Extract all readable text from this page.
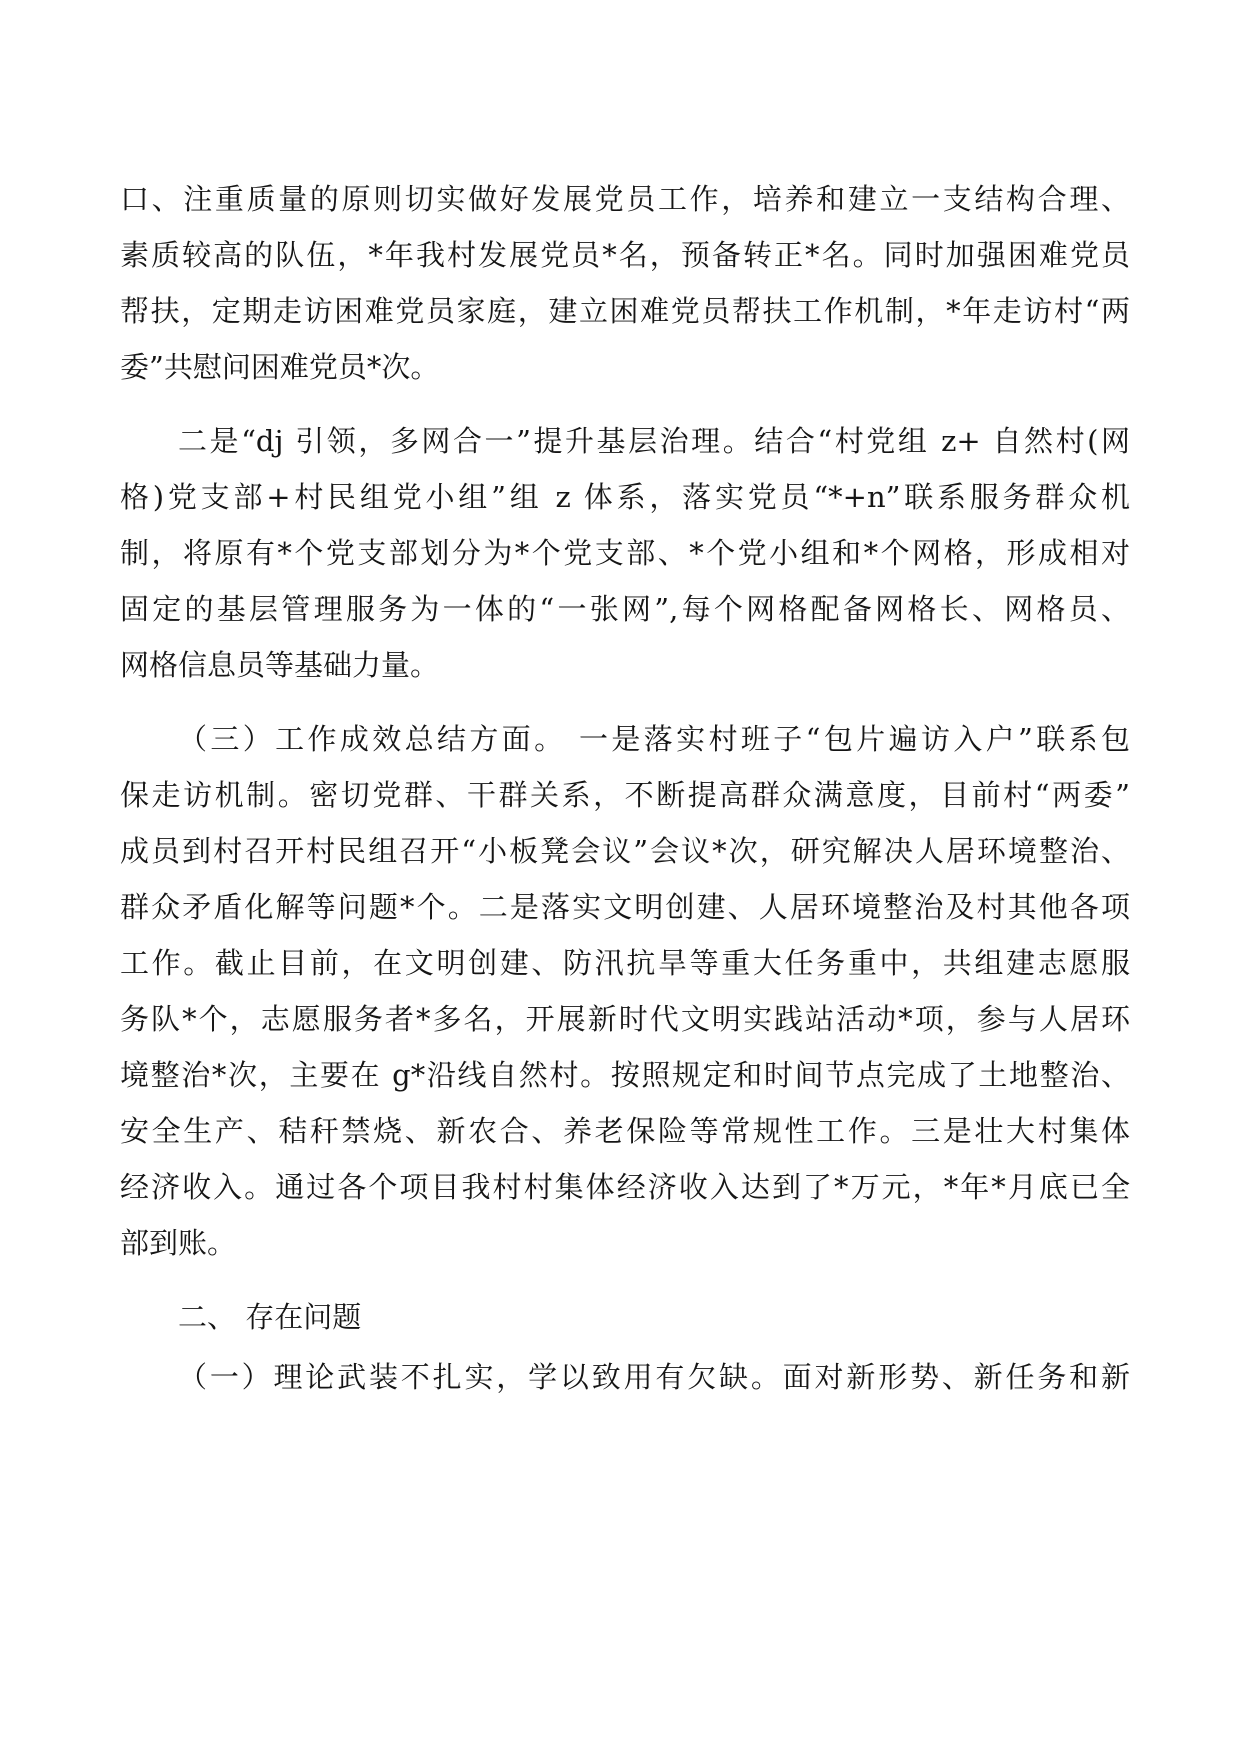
口、注重质量的原则切实做好发展党员工作，培养和建立一支结构合理、
素质较高的队伍，*年我村发展党员*名，预备转正*名。同时加强困难党员
帮扶，定期走访困难党员家庭，建立困难党员帮扶工作机制，*年走访村“两
委”共慰问困难党员*次。
二是“dj 引领，多网合一”提升基层治理。结合“村党组 z+ 自然村(网
格)党支部+村民组党小组”组 z 体系，落实党员“*+n”联系服务群众机
制，将原有*个党支部划分为*个党支部、*个党小组和*个网格，形成相对
固定的基层管理服务为一体的“一张网”,每个网格配备网格长、网格员、
网格信息员等基础力量。
（三）工作成效总结方面。 一是落实村班子“包片遍访入户”联系包
保走访机制。密切党群、干群关系，不断提高群众满意度，目前村“两委”
成员到村召开村民组召开“小板凳会议”会议*次，研究解决人居环境整治、
群众矛盾化解等问题*个。二是落实文明创建、人居环境整治及村其他各项
工作。截止目前，在文明创建、防汛抗旱等重大任务重中，共组建志愿服
务队*个，志愿服务者*多名，开展新时代文明实践站活动*项，参与人居环
境整治*次，主要在 g*沿线自然村。按照规定和时间节点完成了土地整治、
安全生产、秸秆禁烧、新农合、养老保险等常规性工作。三是壮大村集体
经济收入。通过各个项目我村村集体经济收入达到了*万元，*年*月底已全
部到账。
二、 存在问题
（一）理论武装不扎实，学以致用有欠缺。面对新形势、新任务和新
